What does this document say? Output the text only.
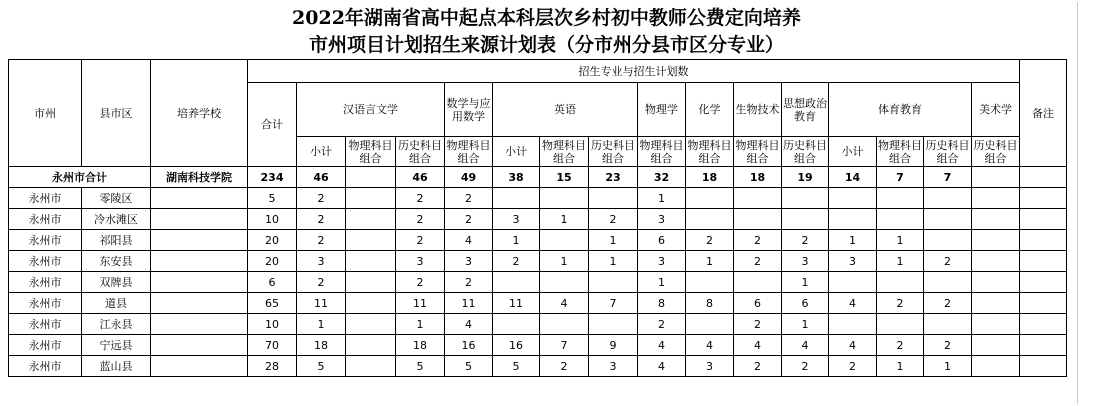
2022年湖南省高中起点本科层次乡村初中教师公费定向培养
市州项目计划招生来源计划表（分市州分县市区分专业）
市州	县市区	培养学校	招生专业与招生计划数																备注
			合计	汉语言文学			数学与应用数学	英语			物理学	化学	生物技术	思想政治教育	体育教育			美术学	
				小计	物理科目组合	历史科目组合	物理科目组合	小计	物理科目组合	历史科目组合	物理科目组合	物理科目组合	物理科目组合	历史科目组合	小计	物理科目组合	历史科目组合	历史科目组合	
永州市合计		湖南科技学院	234	46		46	49	38	15	23	32	18	18	19	14	7	7		
永州市	零陵区		5	2		2	2				1								
永州市	冷水滩区		10	2		2	2	3	1	2	3								
永州市	祁阳县		20	2		2	4	1		1	6	2	2	2	1	1			
永州市	东安县		20	3		3	3	2	1	1	3	1	2	3	3	1	2		
永州市	双牌县		6	2		2	2				1			1					
永州市	道县		65	11		11	11	11	4	7	8	8	6	6	4	2	2		
永州市	江永县		10	1		1	4				2		2	1					
永州市	宁远县		70	18		18	16	16	7	9	4	4	4	4	4	2	2		
永州市	蓝山县		28	5		5	5	5	2	3	4	3	2	2	2	1	1		
